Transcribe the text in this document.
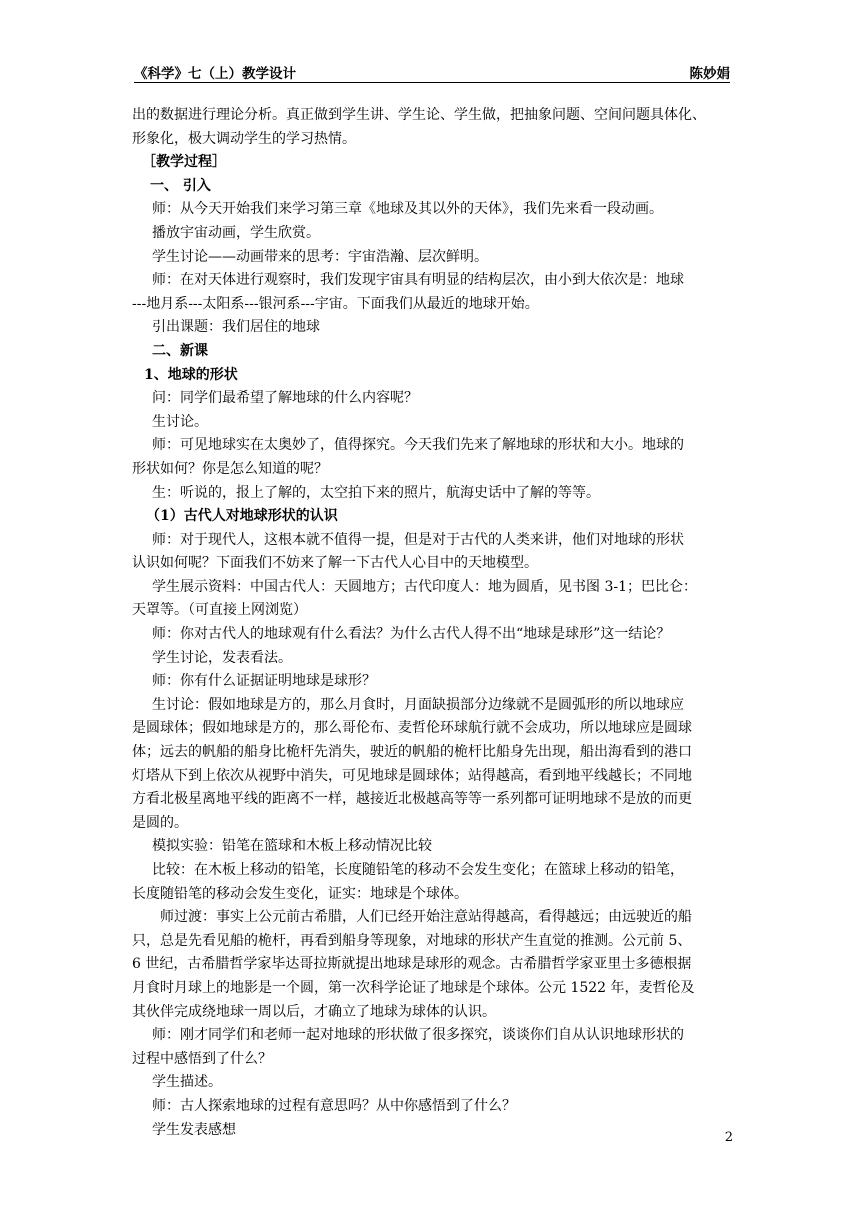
《科学》七（上）教学设计	陈妙娟
出的数据进行理论分析。真正做到学生讲、学生论、学生做，把抽象问题、空间问题具体化、
形象化，极大调动学生的学习热情。
［教学过程］
一、 引入
师：从今天开始我们来学习第三章《地球及其以外的天体》，我们先来看一段动画。
播放宇宙动画，学生欣赏。
学生讨论——动画带来的思考：宇宙浩瀚、层次鲜明。
师：在对天体进行观察时，我们发现宇宙具有明显的结构层次，由小到大依次是：地球
---地月系---太阳系---银河系---宇宙。下面我们从最近的地球开始。
引出课题：我们居住的地球
二、新课
1、地球的形状
问：同学们最希望了解地球的什么内容呢？
生讨论。
师：可见地球实在太奥妙了，值得探究。今天我们先来了解地球的形状和大小。地球的
形状如何？你是怎么知道的呢？
生：听说的，报上了解的，太空拍下来的照片，航海史话中了解的等等。
（1）古代人对地球形状的认识
师：对于现代人，这根本就不值得一提，但是对于古代的人类来讲，他们对地球的形状
认识如何呢？下面我们不妨来了解一下古代人心目中的天地模型。
学生展示资料：中国古代人：天圆地方；古代印度人：地为圆盾，见书图 3-1；巴比仑：
天罩等。（可直接上网浏览）
师：你对古代人的地球观有什么看法？为什么古代人得不出“地球是球形”这一结论？
学生讨论，发表看法。
师：你有什么证据证明地球是球形？
生讨论：假如地球是方的，那么月食时，月面缺损部分边缘就不是圆弧形的所以地球应
是圆球体；假如地球是方的，那么哥伦布、麦哲伦环球航行就不会成功，所以地球应是圆球
体；远去的帆船的船身比桅杆先消失，驶近的帆船的桅杆比船身先出现，船出海看到的港口
灯塔从下到上依次从视野中消失，可见地球是圆球体；站得越高，看到地平线越长；不同地
方看北极星离地平线的距离不一样，越接近北极越高等等一系列都可证明地球不是放的而更
是圆的。
模拟实验：铅笔在篮球和木板上移动情况比较
比较：在木板上移动的铅笔，长度随铅笔的移动不会发生变化；在篮球上移动的铅笔，
长度随铅笔的移动会发生变化，证实：地球是个球体。
师过渡：事实上公元前古希腊，人们已经开始注意站得越高，看得越远；由远驶近的船
只，总是先看见船的桅杆，再看到船身等现象，对地球的形状产生直觉的推测。公元前 5、
6 世纪，古希腊哲学家毕达哥拉斯就提出地球是球形的观念。古希腊哲学家亚里士多德根据
月食时月球上的地影是一个圆，第一次科学论证了地球是个球体。公元 1522 年，麦哲伦及
其伙伴完成绕地球一周以后，才确立了地球为球体的认识。
师：刚才同学们和老师一起对地球的形状做了很多探究，谈谈你们自从认识地球形状的
过程中感悟到了什么？
学生描述。
师：古人探索地球的过程有意思吗？从中你感悟到了什么？
学生发表感想	2
